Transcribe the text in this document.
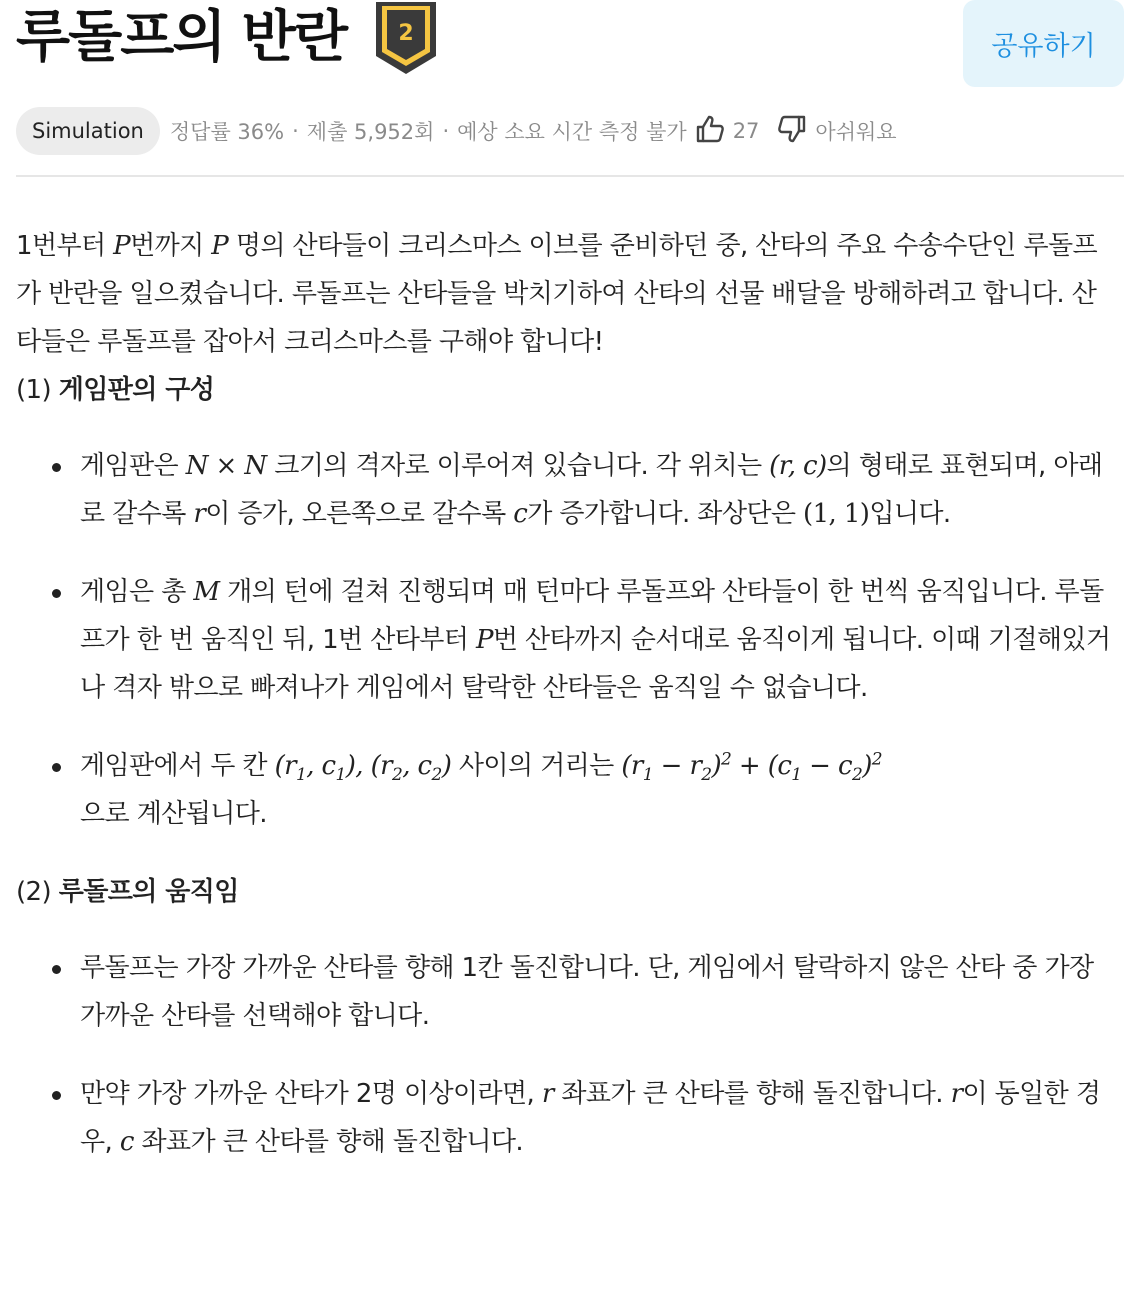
루돌프의 반란 2	공유하기
Simulation	정답률 36% · 제출 5,952회 · 예상 소요 시간 측정 불가 27	아쉬워요

1번부터 P번까지 P 명의 산타들이 크리스마스 이브를 준비하던 중, 산타의 주요 수송수단인 루돌프가 반란을 일으켰습니다. 루돌프는 산타들을 박치기하여 산타의 선물 배달을 방해하려고 합니다. 산타들은 루돌프를 잡아서 크리스마스를 구해야 합니다!

(1) 게임판의 구성

게임판은 N × N 크기의 격자로 이루어져 있습니다. 각 위치는 (r, c)의 형태로 표현되며, 아래로 갈수록 r이 증가, 오른쪽으로 갈수록 c가 증가합니다. 좌상단은 (1, 1)입니다.
게임은 총 M 개의 턴에 걸쳐 진행되며 매 턴마다 루돌프와 산타들이 한 번씩 움직입니다. 루돌프가 한 번 움직인 뒤, 1번 산타부터 P번 산타까지 순서대로 움직이게 됩니다. 이때 기절해있거나 격자 밖으로 빠져나가 게임에서 탈락한 산타들은 움직일 수 없습니다.
게임판에서 두 칸 ($r_1$, $c_1$), ($r_2$, $c_2$) 사이의 거리는 $(r_1 - r_2)^2 + (c_1 - c_2)^2$
으로 계산됩니다.

(2) 루돌프의 움직임

루돌프는 가장 가까운 산타를 향해 1칸 돌진합니다. 단, 게임에서 탈락하지 않은 산타 중 가장 가까운 산타를 선택해야 합니다.
만약 가장 가까운 산타가 2명 이상이라면, r 좌표가 큰 산타를 향해 돌진합니다. r이 동일한 경우, c 좌표가 큰 산타를 향해 돌진합니다.
